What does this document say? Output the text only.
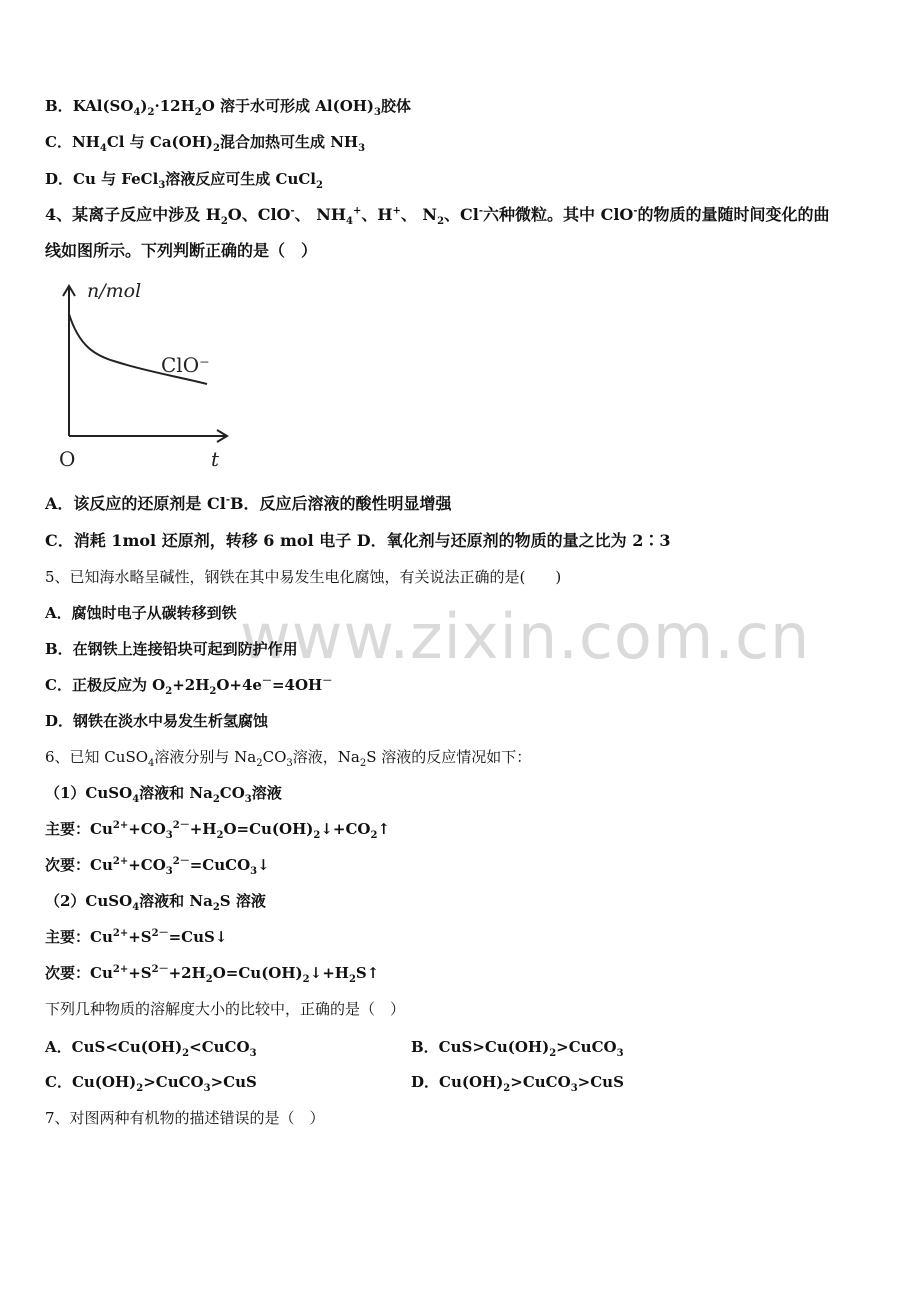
B．$KAl(SO_4)_2\cdot 12H_2O$ 溶于水可形成 $Al(OH)_3$胶体
C．$NH_4Cl$ 与 $Ca(OH)_2$混合加热可生成 $NH_3$
D．Cu 与 FeCl$_3$溶液反应可生成 CuCl$_2$
4、某离子反应中涉及 $H_2O$、ClO-、 $NH_4^+$、H+、 $N_2$、Cl-六种微粒。其中 ClO-的物质的量随时间变化的曲
线如图所示。下列判断正确的是（　）
n/mol
ClO⁻
O	t
A．该反应的还原剂是 Cl-B．反应后溶液的酸性明显增强
C．消耗 1mol 还原剂，转移 6 mol 电子 D．氧化剂与还原剂的物质的量之比为 2∶3
www.zixin.com.cn
5、已知海水略呈碱性，钢铁在其中易发生电化腐蚀，有关说法正确的是(　　)
A．腐蚀时电子从碳转移到铁
B．在钢铁上连接铅块可起到防护作用
C．正极反应为 $O_2+2H_2O+4e^-=4OH^-$
D．钢铁在淡水中易发生析氢腐蚀
6、已知 CuSO$_4$溶液分别与 $Na_2CO_3$溶液，$Na_2S$ 溶液的反应情况如下：
（1）CuSO$_4$溶液和 $Na_2CO_3$溶液
主要：$Cu^{2+}+CO_3^{2-}+H_2O=Cu(OH)_2↓+CO_2↑$
次要：$Cu^{2+}+CO_3^{2-}=CuCO_3↓$
（2）CuSO$_4$溶液和 $Na_2S$ 溶液
主要：$Cu^{2+}+S^{2-}=CuS↓$
次要：$Cu^{2+}+S^{2-}+2H_2O=Cu(OH)_2↓+H_2S↑$
下列几种物质的溶解度大小的比较中，正确的是（　）
A．$CuS<Cu(OH)_2<CuCO_3$	B．$CuS>Cu(OH)_2>CuCO_3$
C．$Cu(OH)_2>CuCO_3>CuS$	D．$Cu(OH)_2>CuCO_3>CuS$
7、对图两种有机物的描述错误的是（　）
